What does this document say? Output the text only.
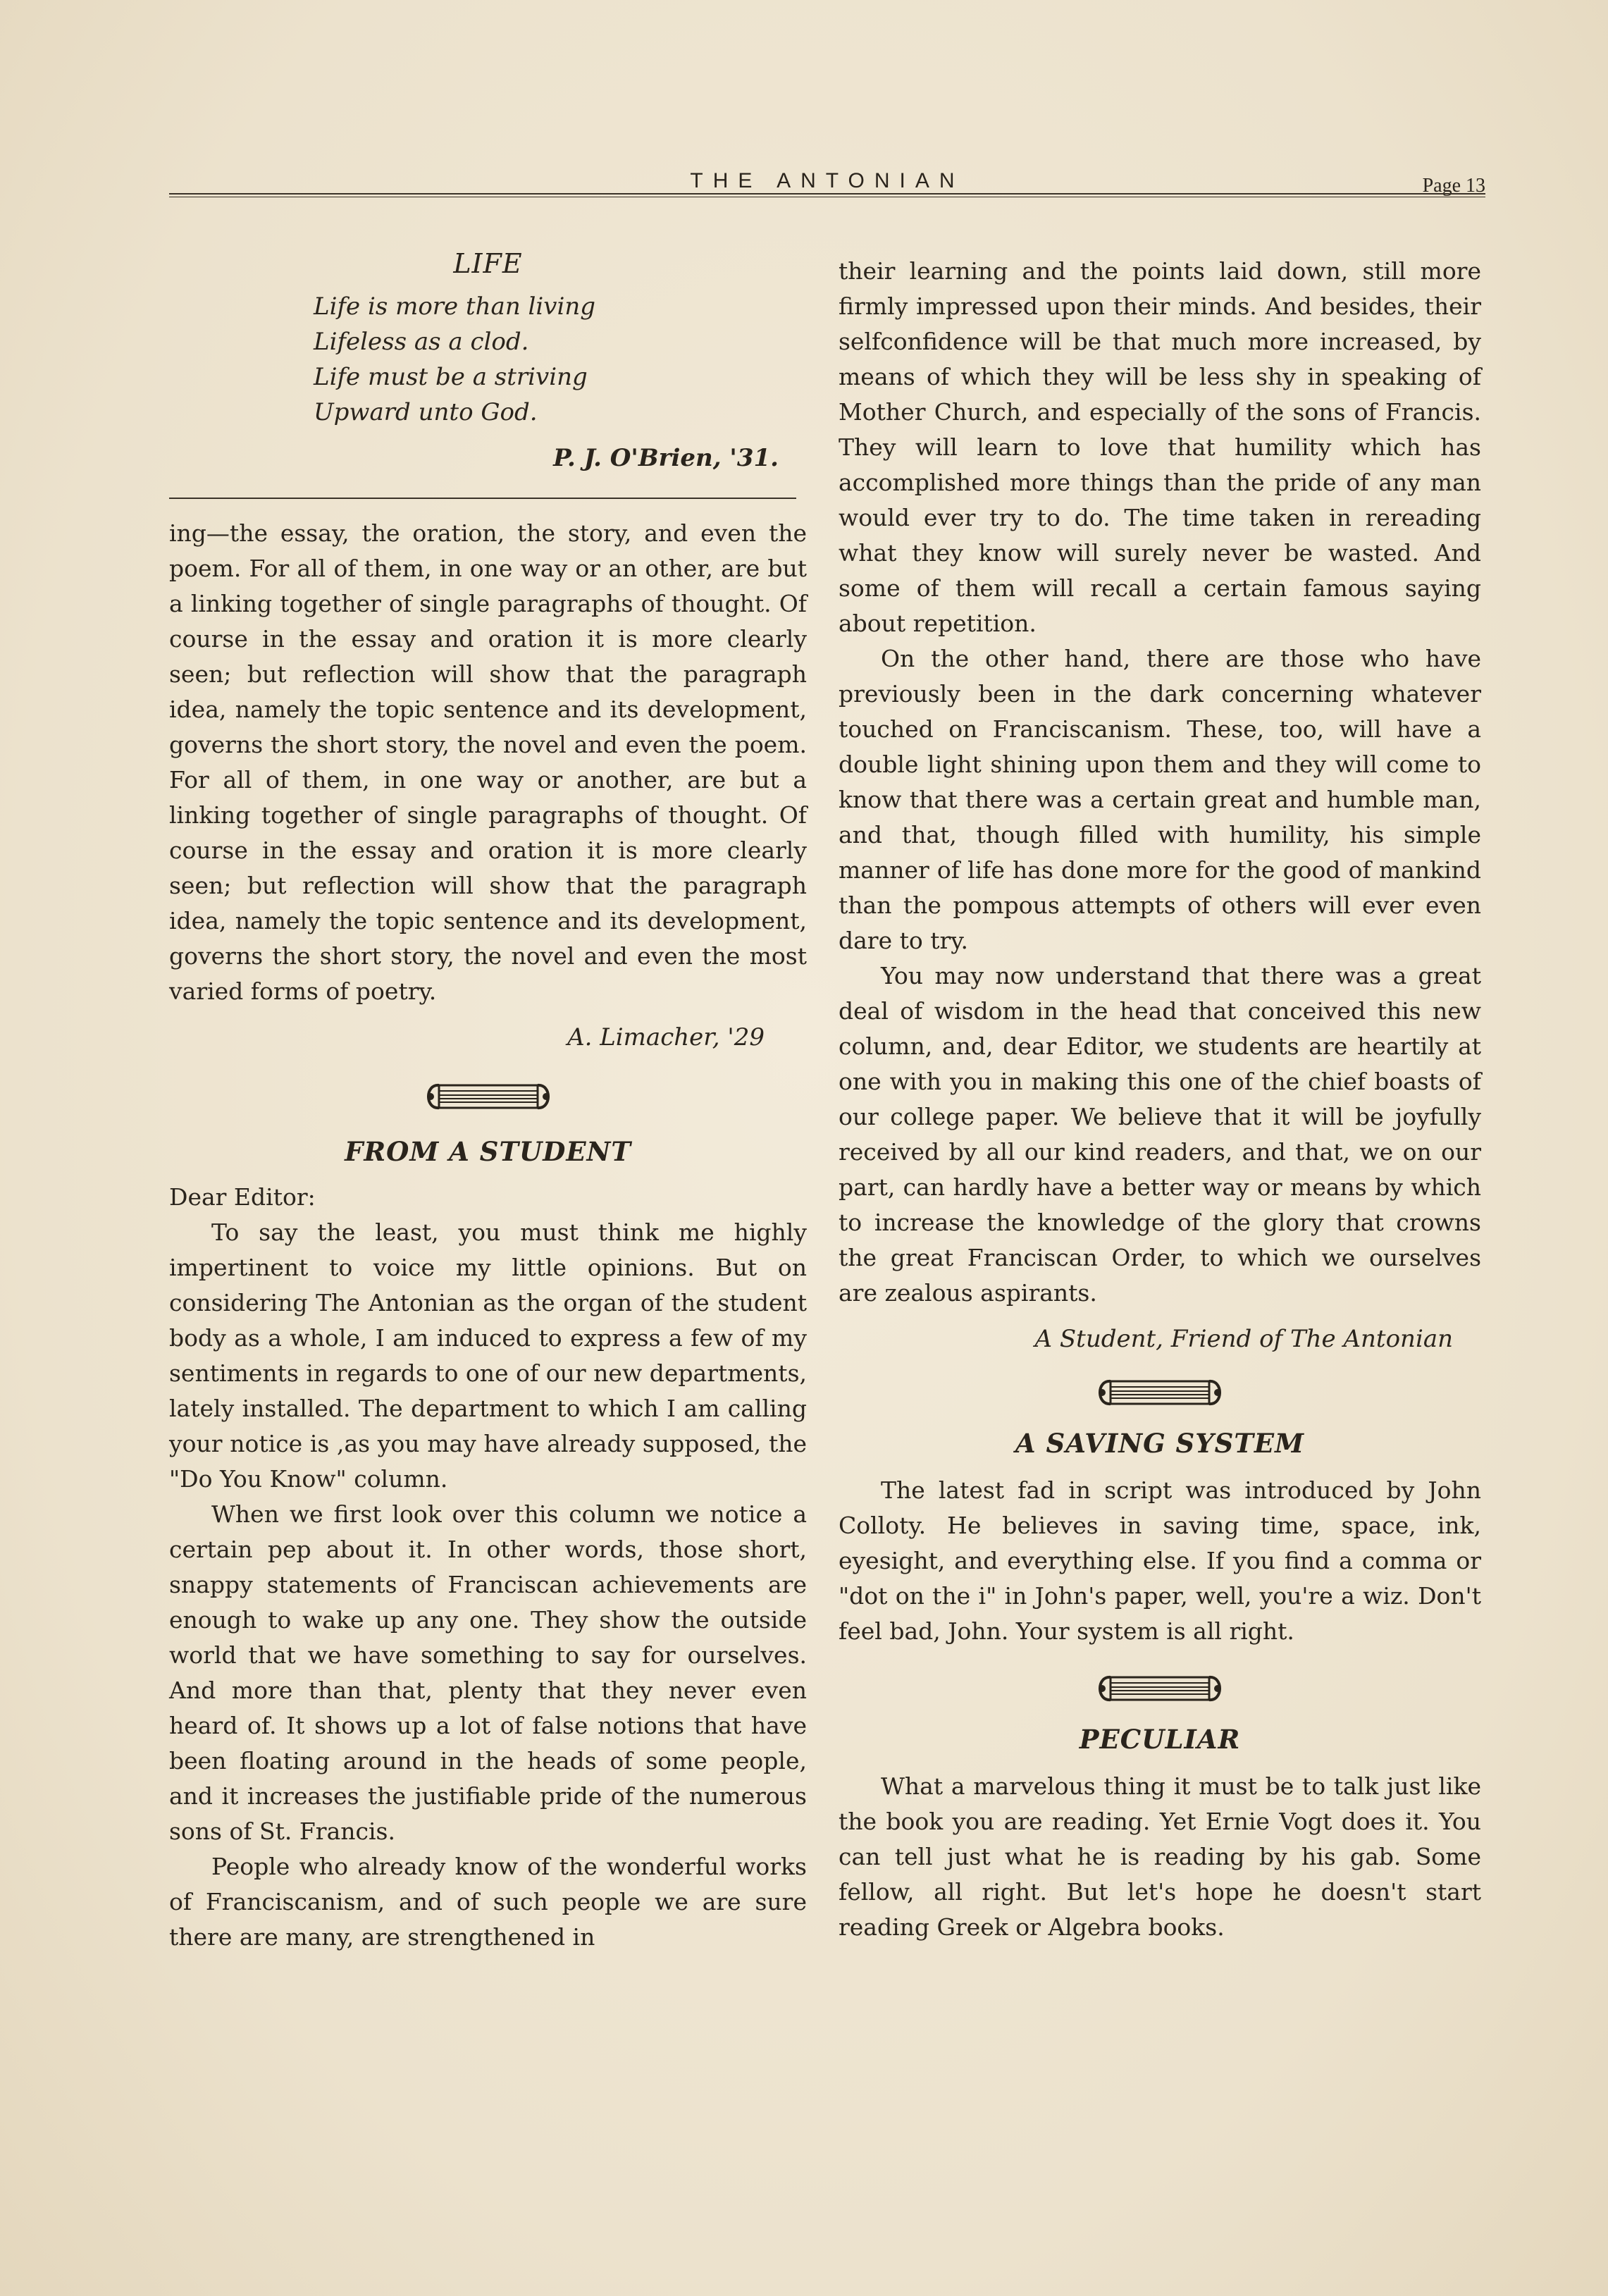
THE ANTONIAN	Page 13
LIFE
Life is more than living
Lifeless as a clod.
Life must be a striving
Upward unto God.

P. J. O'Brien, '31.

ing—the essay, the oration, the story, and even the poem. For all of them, in one way or an other, are but a linking together of single paragraphs of thought. Of course in the essay and oration it is more clearly seen; but reflection will show that the paragraph idea, namely the topic sentence and its development, governs the short story, the novel and even the poem. For all of them, in one way or another, are but a linking together of single paragraphs of thought. Of course in the essay and oration it is more clearly seen; but reflection will show that the paragraph idea, namely the topic sentence and its development, governs the short story, the novel and even the most varied forms of poetry.

A. Limacher, '29

FROM A STUDENT

Dear Editor:

To say the least, you must think me highly impertinent to voice my little opinions. But on considering The Antonian as the organ of the student body as a whole, I am induced to express a few of my sentiments in regards to one of our new departments, lately installed. The department to which I am calling your notice is ,as you may have already supposed, the "Do You Know" column.

When we first look over this column we notice a certain pep about it. In other words, those short, snappy statements of Franciscan achievements are enough to wake up any one. They show the outside world that we have something to say for ourselves. And more than that, plenty that they never even heard of. It shows up a lot of false notions that have been floating around in the heads of some people, and it increases the justifiable pride of the numerous sons of St. Francis.

People who already know of the wonderful works of Franciscanism, and of such people we are sure there are many, are strengthened in

their learning and the points laid down, still more firmly impressed upon their minds. And besides, their selfconfidence will be that much more increased, by means of which they will be less shy in speaking of Mother Church, and especially of the sons of Francis. They will learn to love that humility which has accomplished more things than the pride of any man would ever try to do. The time taken in rereading what they know will surely never be wasted. And some of them will recall a certain famous saying about repetition.

On the other hand, there are those who have previously been in the dark concerning whatever touched on Franciscanism. These, too, will have a double light shining upon them and they will come to know that there was a certain great and humble man, and that, though filled with humility, his simple manner of life has done more for the good of mankind than the pompous attempts of others will ever even dare to try.

You may now understand that there was a great deal of wisdom in the head that conceived this new column, and, dear Editor, we students are heartily at one with you in making this one of the chief boasts of our college paper. We believe that it will be joyfully received by all our kind readers, and that, we on our part, can hardly have a better way or means by which to increase the knowledge of the glory that crowns the great Franciscan Order, to which we ourselves are zealous aspirants.

A Student, Friend of The Antonian

A SAVING SYSTEM

The latest fad in script was introduced by John Colloty. He believes in saving time, space, ink, eyesight, and everything else. If you find a comma or "dot on the i" in John's paper, well, you're a wiz. Don't feel bad, John. Your system is all right.

PECULIAR

What a marvelous thing it must be to talk just like the book you are reading. Yet Ernie Vogt does it. You can tell just what he is reading by his gab. Some fellow, all right. But let's hope he doesn't start reading Greek or Algebra books.
